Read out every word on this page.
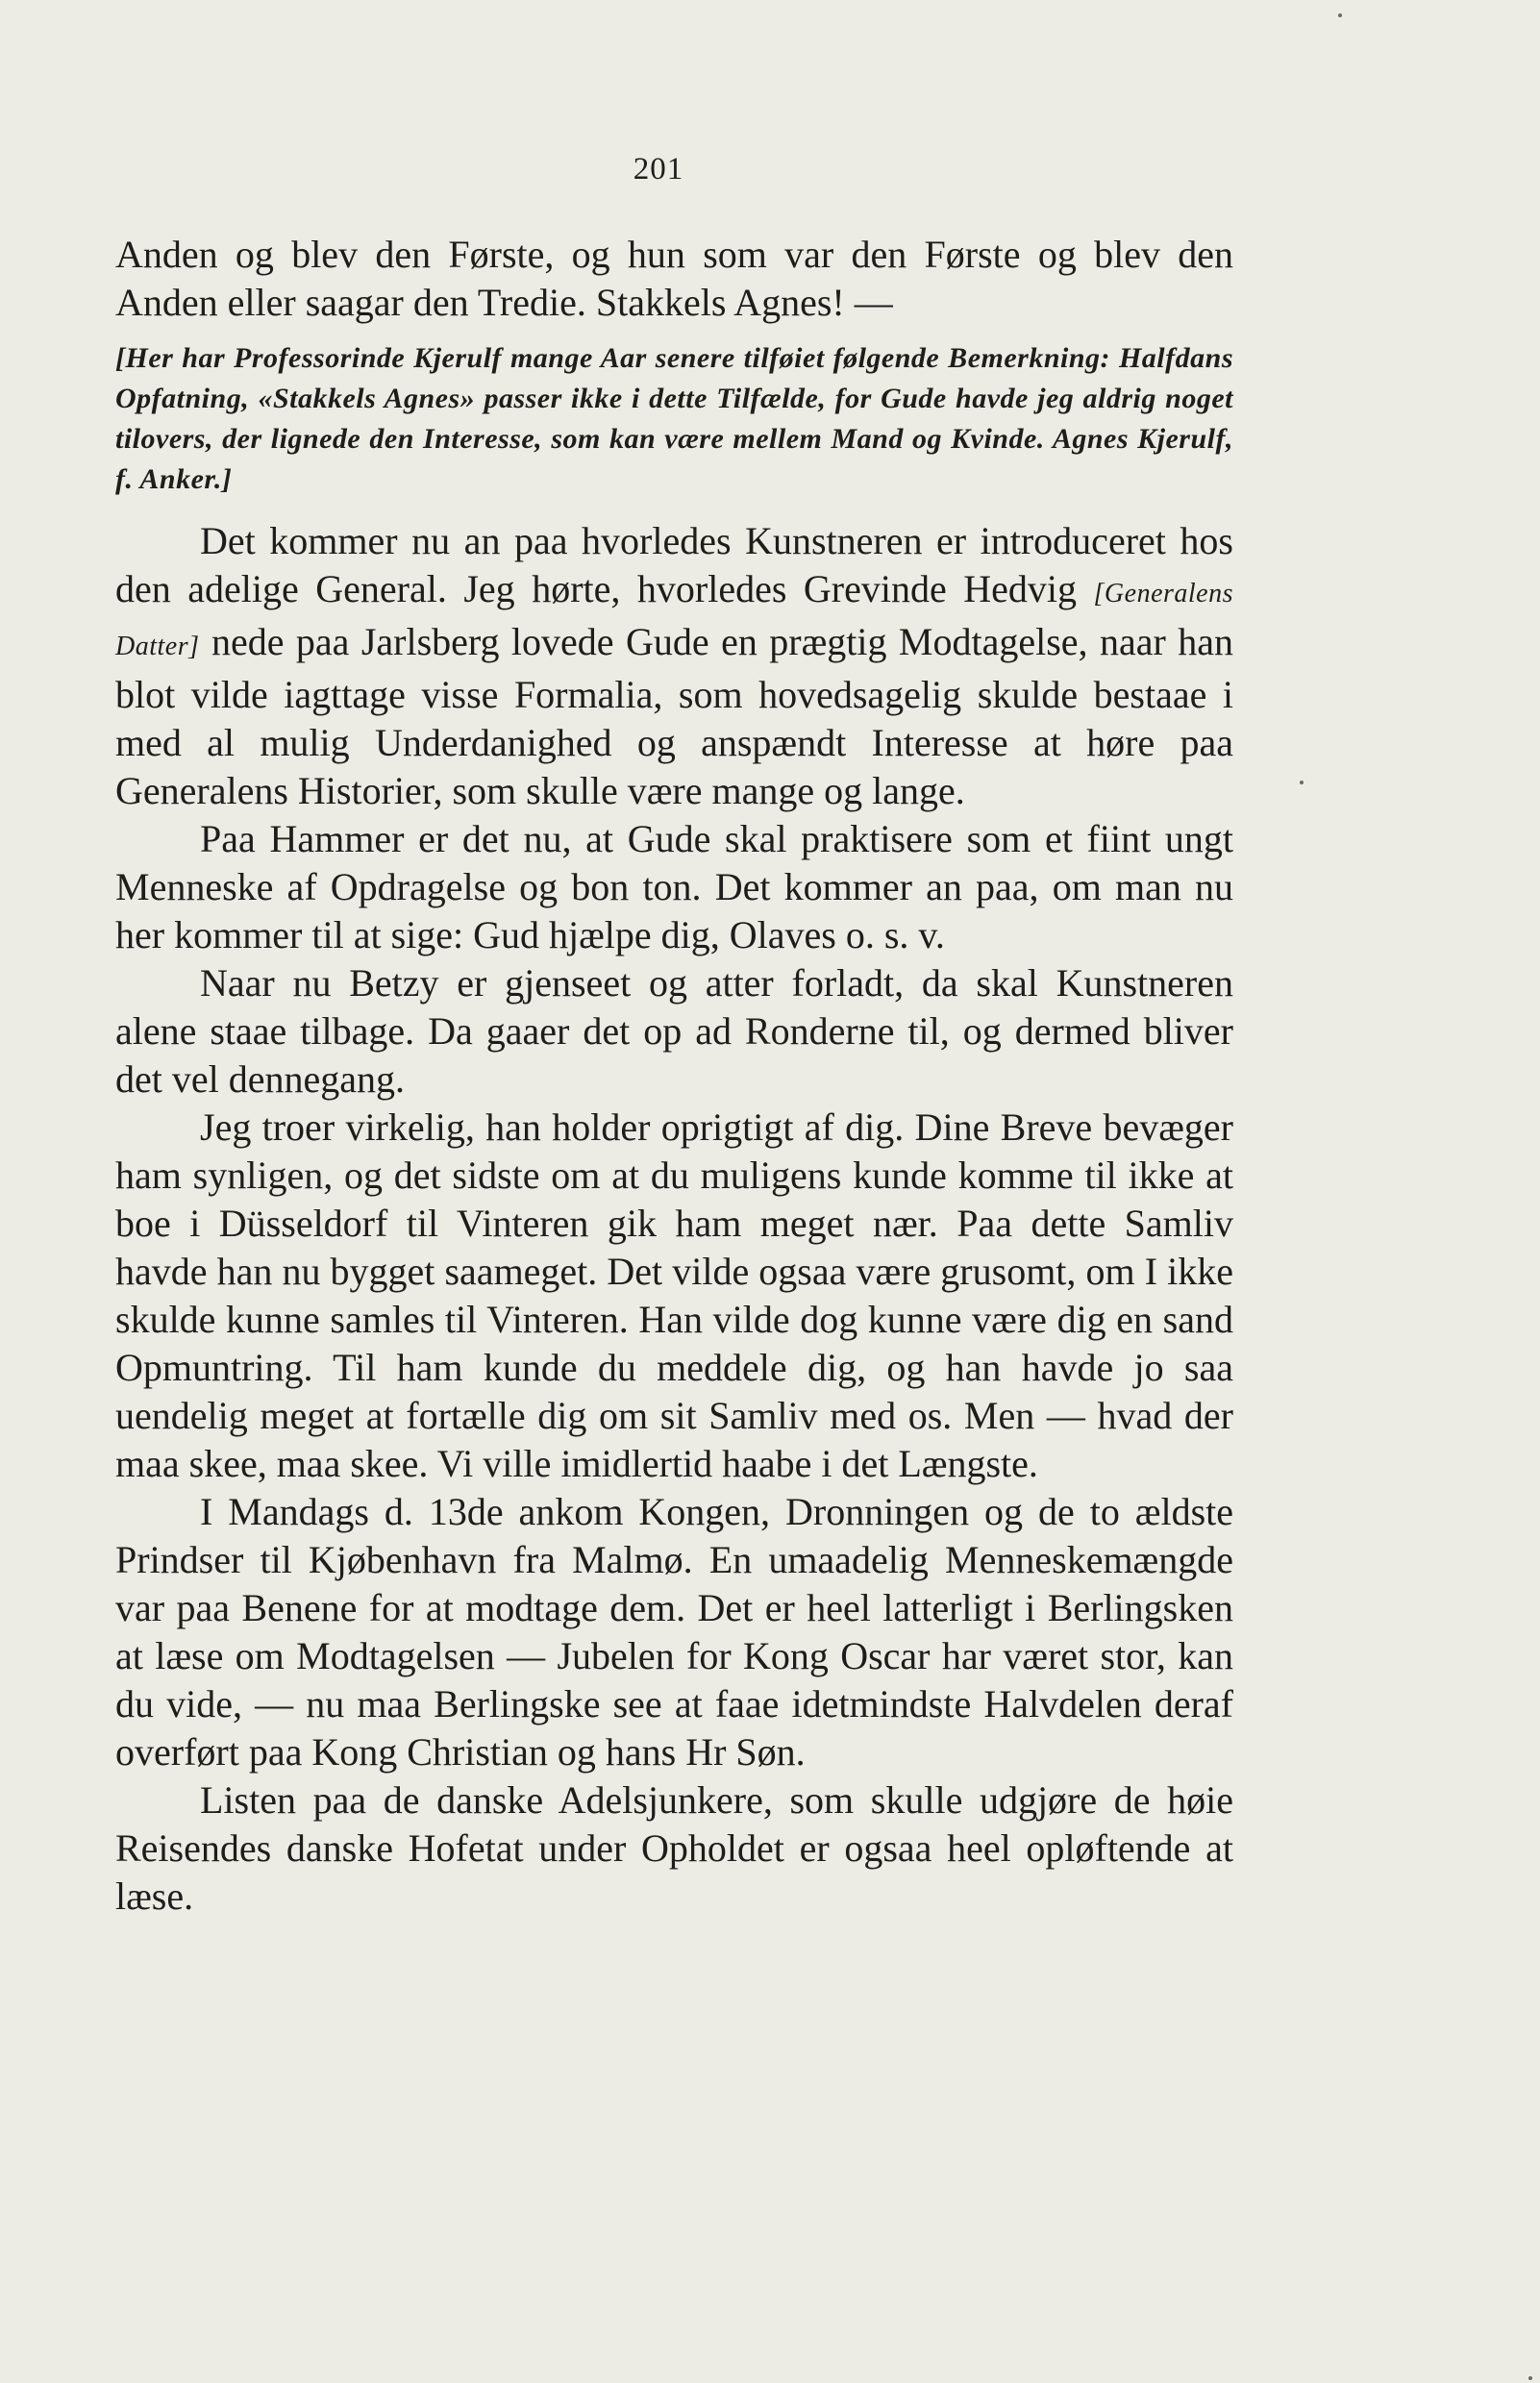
201

Anden og blev den Første, og hun som var den Første og blev den Anden eller saagar den Tredie. Stakkels Agnes! —

[Her har Professorinde Kjerulf mange Aar senere tilføiet følgende Bemerkning: Halfdans Opfatning, «Stakkels Agnes» passer ikke i dette Tilfælde, for Gude havde jeg aldrig noget tilovers, der lignede den Interesse, som kan være mellem Mand og Kvinde. Agnes Kjerulf, f. Anker.]

Det kommer nu an paa hvorledes Kunstneren er introduceret hos den adelige General. Jeg hørte, hvorledes Grevinde Hedvig [Generalens Datter] nede paa Jarlsberg lovede Gude en prægtig Modtagelse, naar han blot vilde iagttage visse Formalia, som hovedsagelig skulde bestaae i med al mulig Underdanighed og anspændt Interesse at høre paa Generalens Historier, som skulle være mange og lange.

Paa Hammer er det nu, at Gude skal praktisere som et fiint ungt Menneske af Opdragelse og bon ton. Det kommer an paa, om man nu her kommer til at sige: Gud hjælpe dig, Olaves o. s. v.

Naar nu Betzy er gjenseet og atter forladt, da skal Kunstneren alene staae tilbage. Da gaaer det op ad Ronderne til, og dermed bliver det vel dennegang.

Jeg troer virkelig, han holder oprigtigt af dig. Dine Breve bevæger ham synligen, og det sidste om at du muligens kunde komme til ikke at boe i Düsseldorf til Vinteren gik ham meget nær. Paa dette Samliv havde han nu bygget saameget. Det vilde ogsaa være grusomt, om I ikke skulde kunne samles til Vinteren. Han vilde dog kunne være dig en sand Opmuntring. Til ham kunde du meddele dig, og han havde jo saa uendelig meget at fortælle dig om sit Samliv med os. Men — hvad der maa skee, maa skee. Vi ville imidlertid haabe i det Længste.

I Mandags d. 13de ankom Kongen, Dronningen og de to ældste Prindser til Kjøbenhavn fra Malmø. En umaadelig Menneskemængde var paa Benene for at modtage dem. Det er heel latterligt i Berlingsken at læse om Modtagelsen — Jubelen for Kong Oscar har været stor, kan du vide, — nu maa Berlingske see at faae idetmindste Halvdelen deraf overført paa Kong Christian og hans Hr Søn.

Listen paa de danske Adelsjunkere, som skulle udgjøre de høie Reisendes danske Hofetat under Opholdet er ogsaa heel opløftende at læse.
